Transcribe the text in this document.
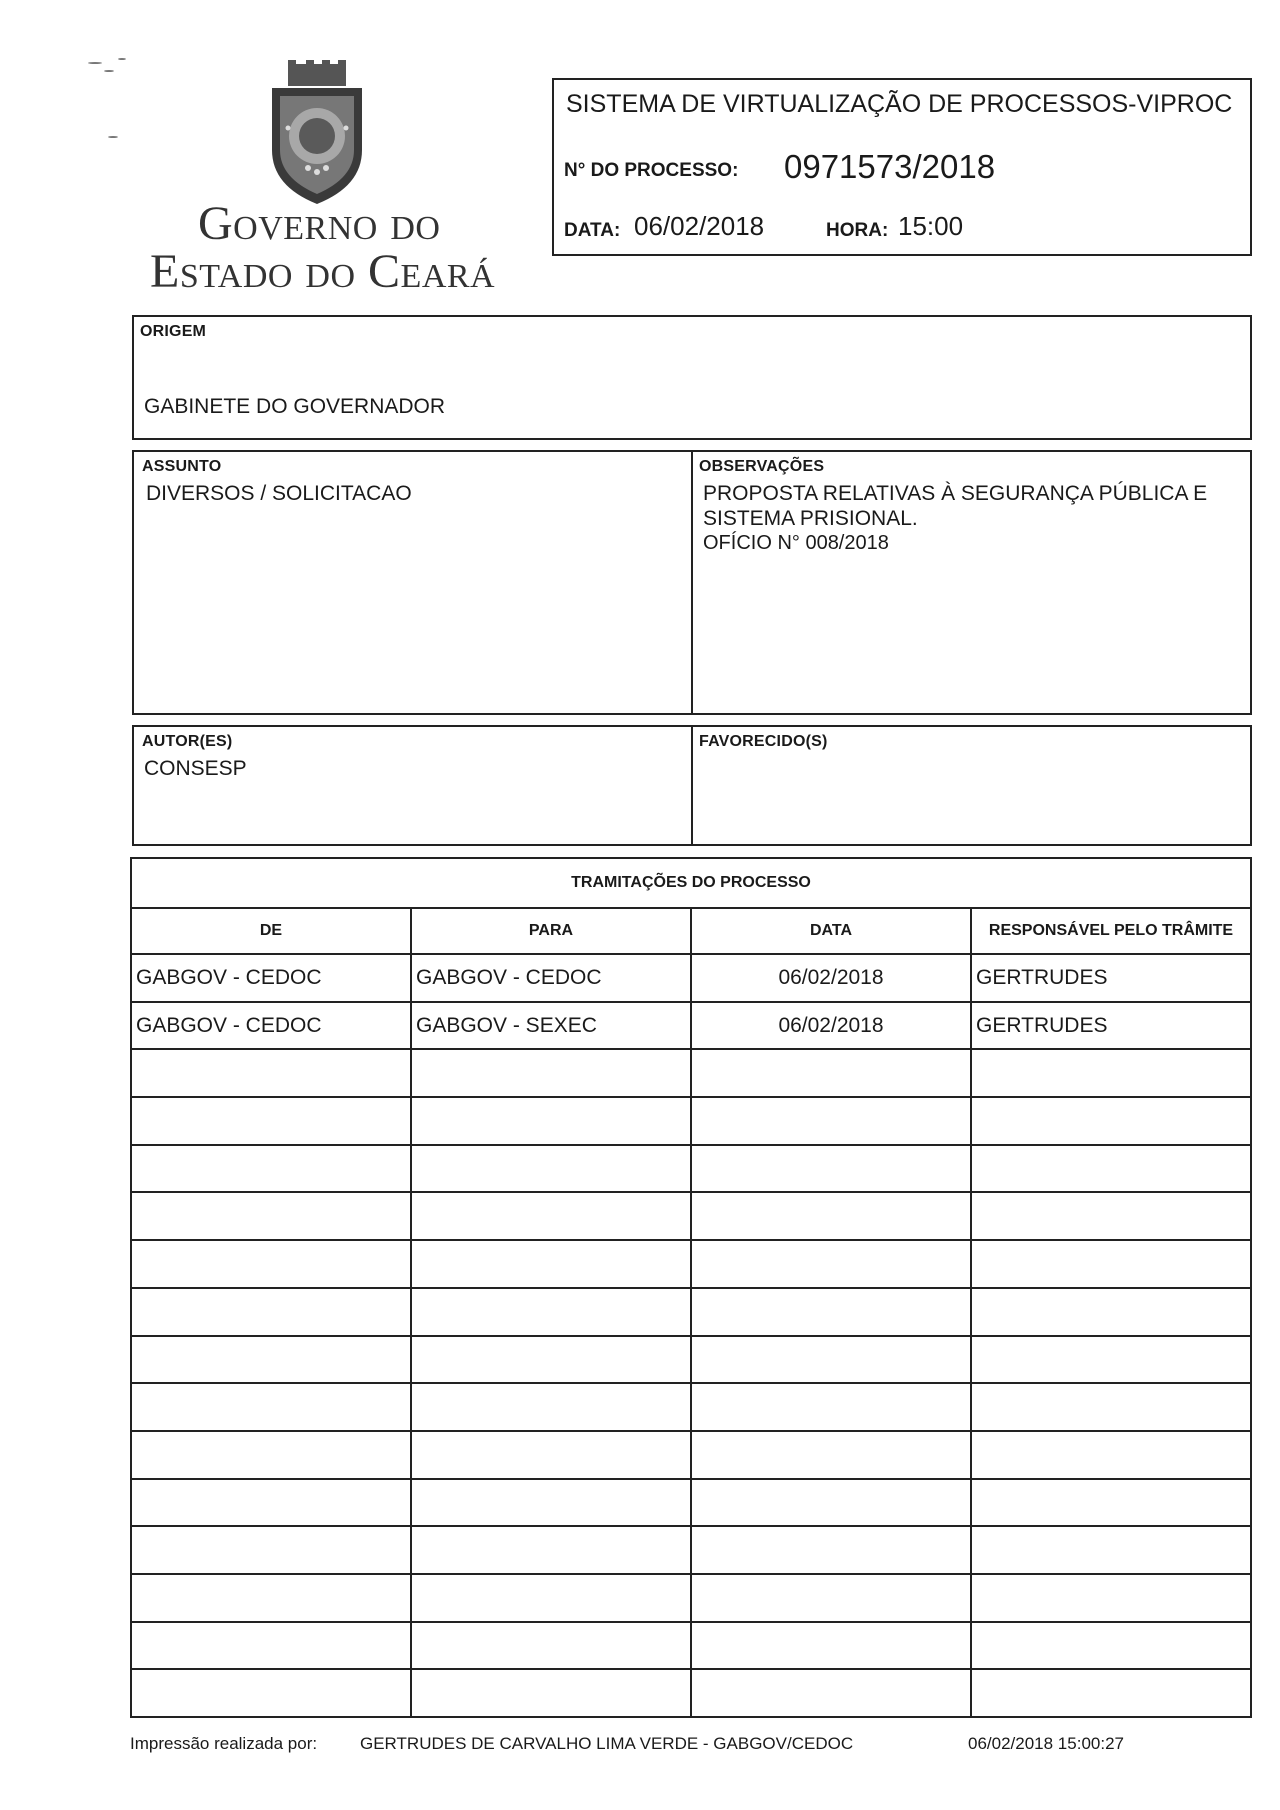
Governo do
Estado do Ceará
SISTEMA DE VIRTUALIZAÇÃO DE PROCESSOS-VIPROC
N° DO PROCESSO: 0971573/2018
DATA: 06/02/2018	HORA: 15:00
ORIGEM
GABINETE DO GOVERNADOR
ASSUNTO
DIVERSOS / SOLICITACAO
OBSERVAÇÕES
PROPOSTA RELATIVAS À SEGURANÇA PÚBLICA E
SISTEMA PRISIONAL.
OFÍCIO N° 008/2018
AUTOR(ES)
CONSESP
FAVORECIDO(S)
TRAMITAÇÕES DO PROCESSO			
DE	PARA	DATA	RESPONSÁVEL PELO TRÂMITE
GABGOV - CEDOC	GABGOV - CEDOC	06/02/2018	GERTRUDES
GABGOV - CEDOC	GABGOV - SEXEC	06/02/2018	GERTRUDES

Impressão realizada por:	GERTRUDES DE CARVALHO LIMA VERDE - GABGOV/CEDOC	06/02/2018 15:00:27
